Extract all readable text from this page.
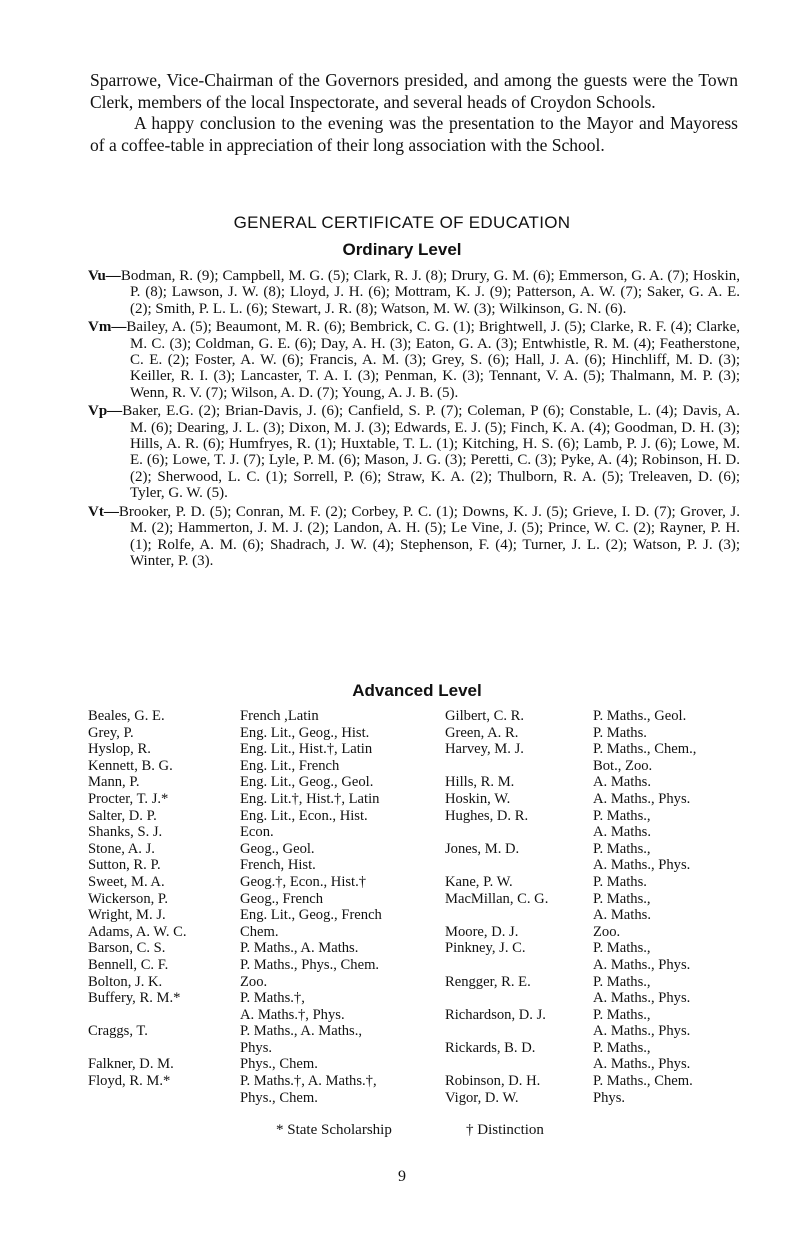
Sparrowe, Vice-Chairman of the Governors presided, and among the guests were the Town Clerk, members of the local Inspectorate, and several heads of Croydon Schools.

A happy conclusion to the evening was the presentation to the Mayor and Mayoress of a coffee-table in appreciation of their long association with the School.

GENERAL CERTIFICATE OF EDUCATION
Ordinary Level

Vu—Bodman, R. (9); Campbell, M. G. (5); Clark, R. J. (8); Drury, G. M. (6); Emmerson, G. A. (7); Hoskin, P. (8); Lawson, J. W. (8); Lloyd, J. H. (6); Mottram, K. J. (9); Patterson, A. W. (7); Saker, G. A. E. (2); Smith, P. L. L. (6); Stewart, J. R. (8); Watson, M. W. (3); Wilkinson, G. N. (6).

Vm—Bailey, A. (5); Beaumont, M. R. (6); Bembrick, C. G. (1); Brightwell, J. (5); Clarke, R. F. (4); Clarke, M. C. (3); Coldman, G. E. (6); Day, A. H. (3); Eaton, G. A. (3); Entwhistle, R. M. (4); Featherstone, C. E. (2); Foster, A. W. (6); Francis, A. M. (3); Grey, S. (6); Hall, J. A. (6); Hinchliff, M. D. (3); Keiller, R. I. (3); Lancaster, T. A. I. (3); Penman, K. (3); Tennant, V. A. (5); Thalmann, M. P. (3); Wenn, R. V. (7); Wilson, A. D. (7); Young, A. J. B. (5).

Vp—Baker, E.G. (2); Brian-Davis, J. (6); Canfield, S. P. (7); Coleman, P (6); Constable, L. (4); Davis, A. M. (6); Dearing, J. L. (3); Dixon, M. J. (3); Edwards, E. J. (5); Finch, K. A. (4); Goodman, D. H. (3); Hills, A. R. (6); Humfryes, R. (1); Huxtable, T. L. (1); Kitching, H. S. (6); Lamb, P. J. (6); Lowe, M. E. (6); Lowe, T. J. (7); Lyle, P. M. (6); Mason, J. G. (3); Peretti, C. (3); Pyke, A. (4); Robinson, H. D. (2); Sherwood, L. C. (1); Sorrell, P. (6); Straw, K. A. (2); Thulborn, R. A. (5); Treleaven, D. (6); Tyler, G. W. (5).

Vt—Brooker, P. D. (5); Conran, M. F. (2); Corbey, P. C. (1); Downs, K. J. (5); Grieve, I. D. (7); Grover, J. M. (2); Hammerton, J. M. J. (2); Landon, A. H. (5); Le Vine, J. (5); Prince, W. C. (2); Rayner, P. H. (1); Rolfe, A. M. (6); Shadrach, J. W. (4); Stephenson, F. (4); Turner, J. L. (2); Watson, P. J. (3); Winter, P. (3).

Advanced Level
Beales, G. E.
Grey, P.
Hyslop, R.
Kennett, B. G.
Mann, P.
Procter, T. J.*
Salter, D. P.
Shanks, S. J.
Stone, A. J.
Sutton, R. P.
Sweet, M. A.
Wickerson, P.
Wright, M. J.
Adams, A. W. C.
Barson, C. S.
Bennell, C. F.
Bolton, J. K.
Buffery, R. M.*
Craggs, T.
Falkner, D. M.
Floyd, R. M.*
French ,Latin
Eng. Lit., Geog., Hist.
Eng. Lit., Hist.†, Latin
Eng. Lit., French
Eng. Lit., Geog., Geol.
Eng. Lit.†, Hist.†, Latin
Eng. Lit., Econ., Hist.
Econ.
Geog., Geol.
French, Hist.
Geog.†, Econ., Hist.†
Geog., French
Eng. Lit., Geog., French
Chem.
P. Maths., A. Maths.
P. Maths., Phys., Chem.
Zoo.
P. Maths.†,
A. Maths.†, Phys.
P. Maths., A. Maths.,
Phys.
Phys., Chem.
P. Maths.†, A. Maths.†,
Phys., Chem.
Gilbert, C. R.
Green, A. R.
Harvey, M. J.
Hills, R. M.
Hoskin, W.
Hughes, D. R.
Jones, M. D.
Kane, P. W.
MacMillan, C. G.
Moore, D. J.
Pinkney, J. C.
Rengger, R. E.
Richardson, D. J.
Rickards, B. D.
Robinson, D. H.
Vigor, D. W.
P. Maths., Geol.
P. Maths.
P. Maths., Chem.,
Bot., Zoo.
A. Maths.
A. Maths., Phys.
P. Maths.,
A. Maths.
P. Maths.,
A. Maths., Phys.
P. Maths.
P. Maths.,
A. Maths.
Zoo.
P. Maths.,
A. Maths., Phys.
P. Maths.,
A. Maths., Phys.
P. Maths.,
A. Maths., Phys.
P. Maths.,
A. Maths., Phys.
P. Maths., Chem.
Phys.
* State Scholarship	† Distinction
9
